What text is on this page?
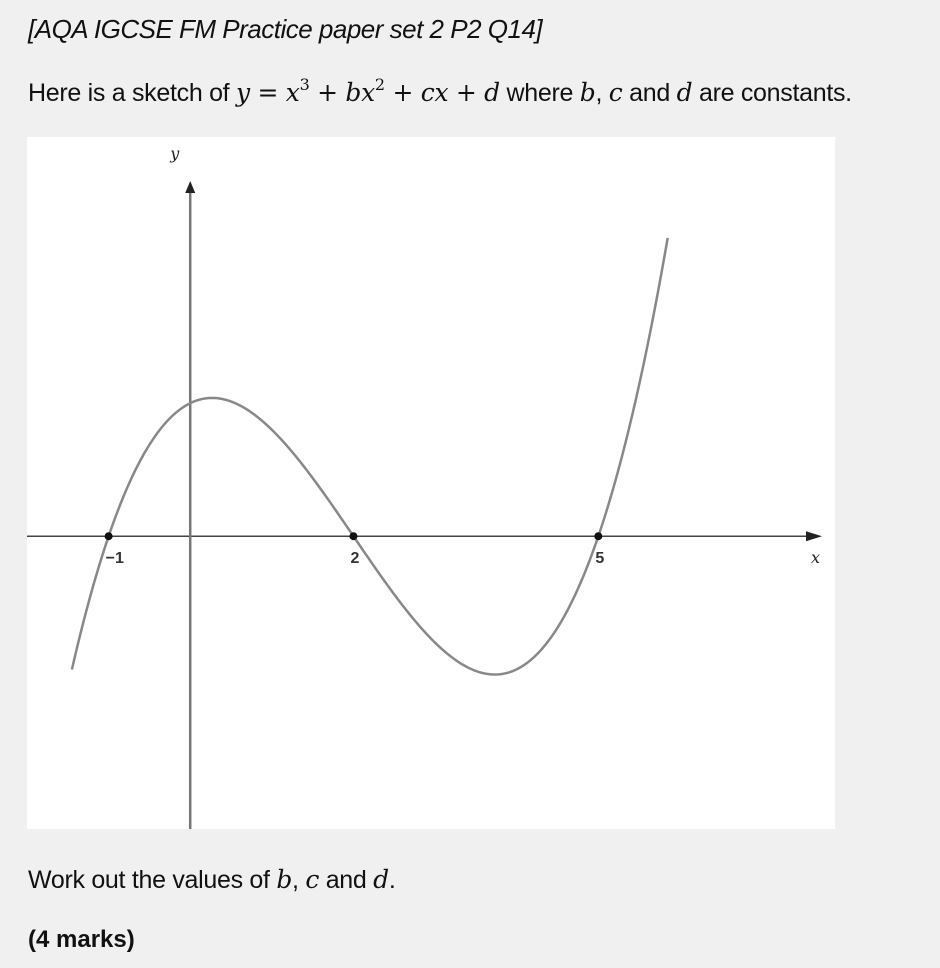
[AQA IGCSE FM Practice paper set 2 P2 Q14]
Here is a sketch of $y = x^3 + bx^2$ + cx + d where b, c and d are constants.
−1	2	5	x
y
Work out the values of b, c and d.
(4 marks)
